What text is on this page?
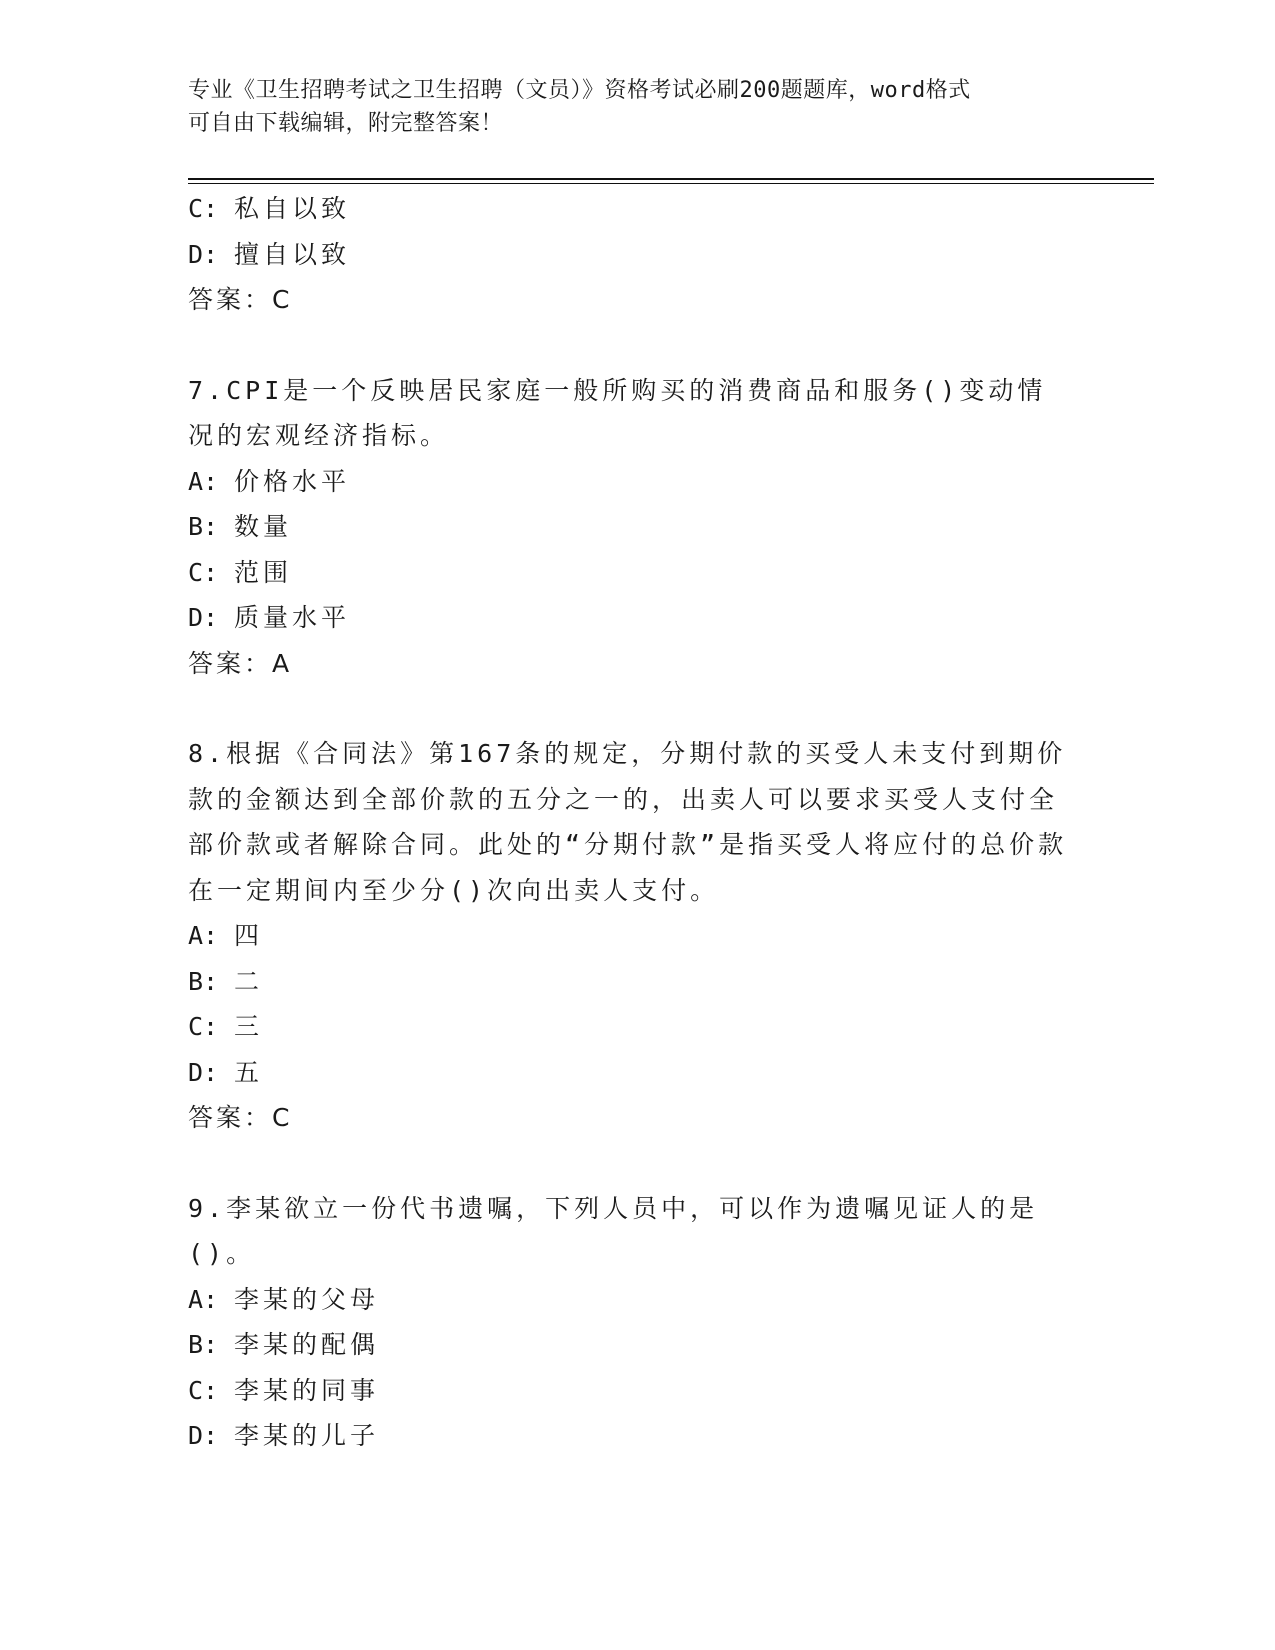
专业《卫生招聘考试之卫生招聘（文员）》资格考试必刷200题题库，word格式
可自由下载编辑，附完整答案！
C: 私自以致
D: 擅自以致
答案：C
7.CPI是一个反映居民家庭一般所购买的消费商品和服务()变动情况的宏观经济指标。
A: 价格水平
B: 数量
C: 范围
D: 质量水平
答案：A
8.根据《合同法》第167条的规定，分期付款的买受人未支付到期价款的金额达到全部价款的五分之一的，出卖人可以要求买受人支付全部价款或者解除合同。此处的“分期付款”是指买受人将应付的总价款在一定期间内至少分()次向出卖人支付。
A: 四
B: 二
C: 三
D: 五
答案：C
9.李某欲立一份代书遗嘱，下列人员中，可以作为遗嘱见证人的是()。
A: 李某的父母
B: 李某的配偶
C: 李某的同事
D: 李某的儿子
